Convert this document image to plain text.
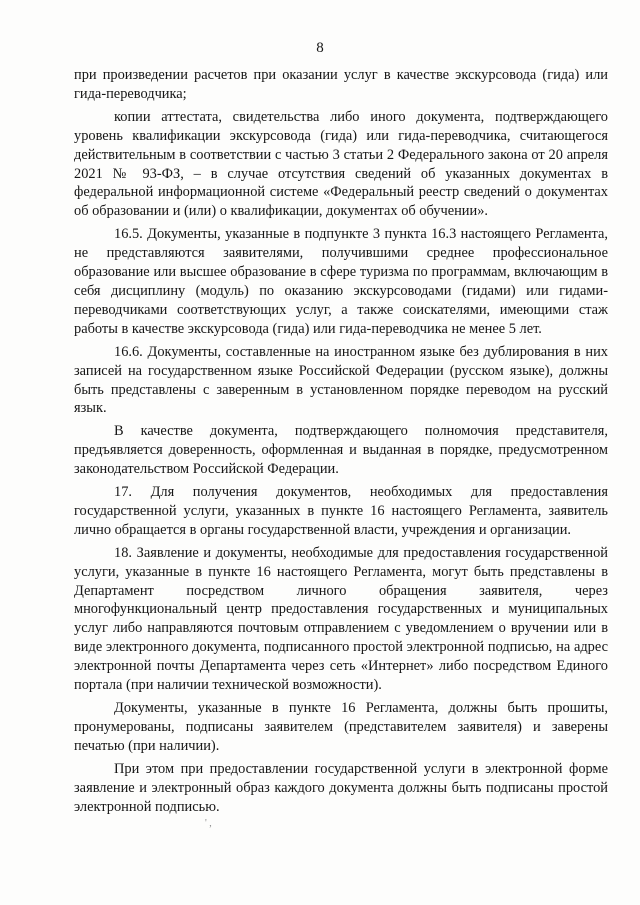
8

при произведении расчетов при оказании услуг в качестве экскурсовода (гида) или гида-переводчика;

копии аттестата, свидетельства либо иного документа, подтверждающего уровень квалификации экскурсовода (гида) или гида-переводчика, считающегося действительным в соответствии с частью 3 статьи 2 Федерального закона от 20 апреля 2021 № 93-ФЗ, – в случае отсутствия сведений об указанных документах в федеральной информационной системе «Федеральный реестр сведений о документах об образовании и (или) о квалификации, документах об обучении».

16.5. Документы, указанные в подпункте 3 пункта 16.3 настоящего Регламента, не представляются заявителями, получившими среднее профессиональное образование или высшее образование в сфере туризма по программам, включающим в себя дисциплину (модуль) по оказанию экскурсоводами (гидами) или гидами-переводчиками соответствующих услуг, а также соискателями, имеющими стаж работы в качестве экскурсовода (гида) или гида-переводчика не менее 5 лет.

16.6. Документы, составленные на иностранном языке без дублирования в них записей на государственном языке Российской Федерации (русском языке), должны быть представлены с заверенным в установленном порядке переводом на русский язык.

В качестве документа, подтверждающего полномочия представителя, предъявляется доверенность, оформленная и выданная в порядке, предусмотренном законодательством Российской Федерации.

17. Для получения документов, необходимых для предоставления государственной услуги, указанных в пункте 16 настоящего Регламента, заявитель лично обращается в органы государственной власти, учреждения и организации.

18. Заявление и документы, необходимые для предоставления государственной услуги, указанные в пункте 16 настоящего Регламента, могут быть представлены в Департамент посредством личного обращения заявителя, через многофункциональный центр предоставления государственных и муниципальных услуг либо направляются почтовым отправлением с уведомлением о вручении или в виде электронного документа, подписанного простой электронной подписью, на адрес электронной почты Департамента через сеть «Интернет» либо посредством Единого портала (при наличии технической возможности).

Документы, указанные в пункте 16 Регламента, должны быть прошиты, пронумерованы, подписаны заявителем (представителем заявителя) и заверены печатью (при наличии).

При этом при предоставлении государственной услуги в электронной форме заявление и электронный образ каждого документа должны быть подписаны простой электронной подписью.

' ,
